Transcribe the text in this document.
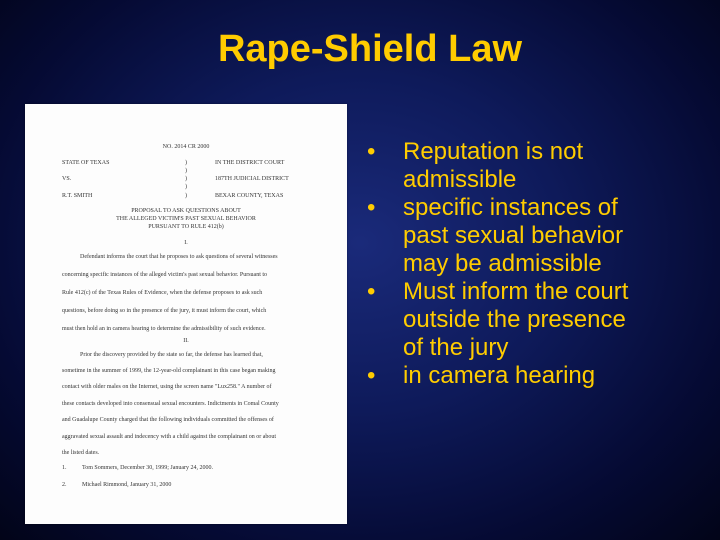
Rape-Shield Law
NO. 2014 CR 2000
STATE OF TEXAS
VS.
R.T. SMITH
)
)
)
)
)
IN THE DISTRICT COURT
187TH JUDICIAL DISTRICT
BEXAR COUNTY, TEXAS
PROPOSAL TO ASK QUESTIONS ABOUT
THE ALLEGED VICTIM'S PAST SEXUAL BEHAVIOR
PURSUANT TO RULE 412(b)
I.
Defendant informs the court that he proposes to ask questions of several witnesses
concerning specific instances of the alleged victim's past sexual behavior. Pursuant to
Rule 412(c) of the Texas Rules of Evidence, when the defense proposes to ask such
questions, before doing so in the presence of the jury, it must inform the court, which
must then hold an in camera hearing to determine the admissibility of such evidence.
II.
Prior the discovery provided by the state so far, the defense has learned that,
sometime in the summer of 1999, the 12-year-old complainant in this case began making
contact with older males on the Internet, using the screen name "Lux258." A number of
these contacts developed into consensual sexual encounters. Indictments in Comal County
and Guadalupe County charged that the following individuals committed the offenses of
aggravated sexual assault and indecency with a child against the complainant on or about
the listed dates.
1.	Tom Sommers, December 30, 1999; January 24, 2000.
2.	Michael Rimmond, January 31, 2000
• Reputation is not
admissible
• specific instances of
past sexual behavior
may be admissible
• Must inform the court
outside the presence
of the jury
• in camera hearing
